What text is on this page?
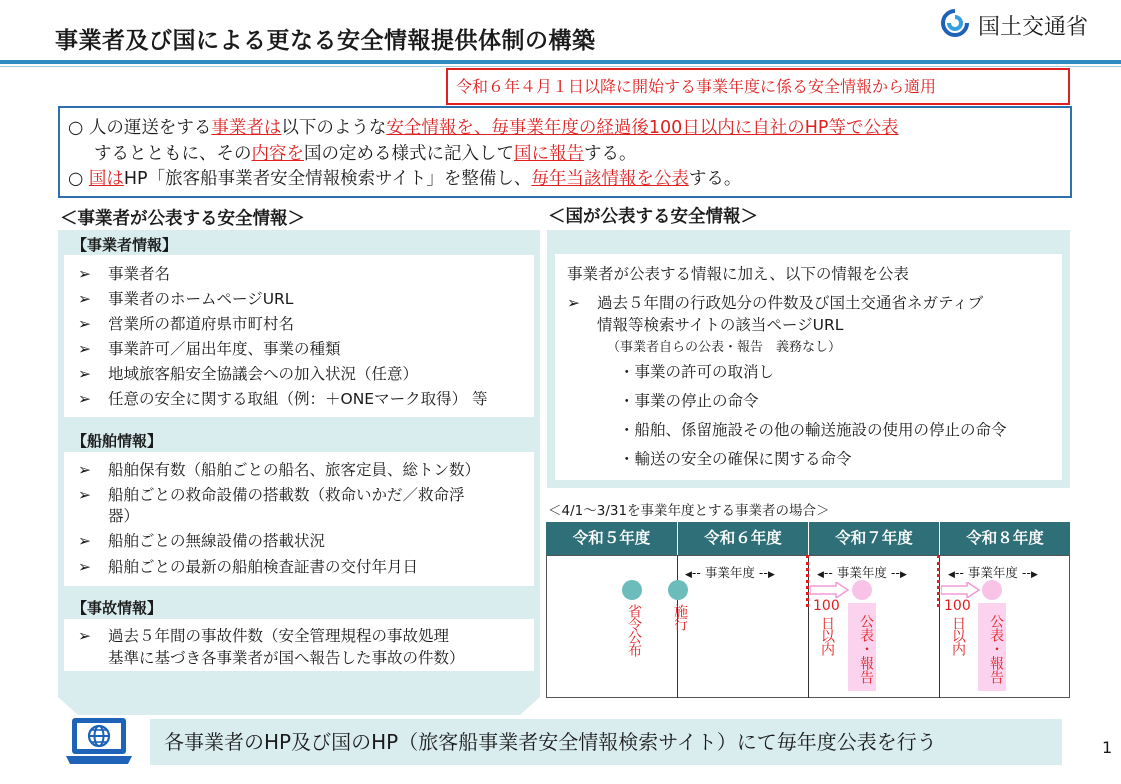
事業者及び国による更なる安全情報提供体制の構築
国土交通省
令和６年４月１日以降に開始する事業年度に係る安全情報から適用
○ 人の運送をする事業者は以下のような安全情報を、毎事業年度の経過後100日以内に自社のHP等で公表
するとともに、その内容を国の定める様式に記入して国に報告する。
○ 国はHP「旅客船事業者安全情報検索サイト」を整備し、毎年当該情報を公表する。
＜事業者が公表する安全情報＞	＜国が公表する安全情報＞
【事業者情報】
➢ 事業者名
➢ 事業者のホームページURL
➢ 営業所の都道府県市町村名
➢ 事業許可／届出年度、事業の種類
➢ 地域旅客船安全協議会への加入状況（任意）
➢ 任意の安全に関する取組（例：＋ONEマーク取得） 等
【船舶情報】
➢ 船舶保有数（船舶ごとの船名、旅客定員、総トン数）
➢ 船舶ごとの救命設備の搭載数（救命いかだ／救命浮
器）
➢ 船舶ごとの無線設備の搭載状況
➢ 船舶ごとの最新の船舶検査証書の交付年月日
【事故情報】
➢ 過去５年間の事故件数（安全管理規程の事故処理
基準に基づき各事業者が国へ報告した事故の件数）
事業者が公表する情報に加え、以下の情報を公表
➢ 過去５年間の行政処分の件数及び国土交通省ネガティブ
情報等検索サイトの該当ページURL
（事業者自らの公表・報告　義務なし）
・事業の許可の取消し
・事業の停止の命令
・船舶、係留施設その他の輸送施設の使用の停止の命令
・輸送の安全の確保に関する命令
＜4/1～3/31を事業年度とする事業者の場合＞
令和５年度	令和６年度	令和７年度	令和８年度
◀‐‐ 事業年度 ‐‐▶	◀‐‐ 事業年度 ‐‐▶	◀‐‐ 事業年度 ‐‐▶
省令公布 施行	100
日以内	公表・報告
100
日以内	公表・報告
各事業者のHP及び国のHP（旅客船事業者安全情報検索サイト）にて毎年度公表を行う	1
